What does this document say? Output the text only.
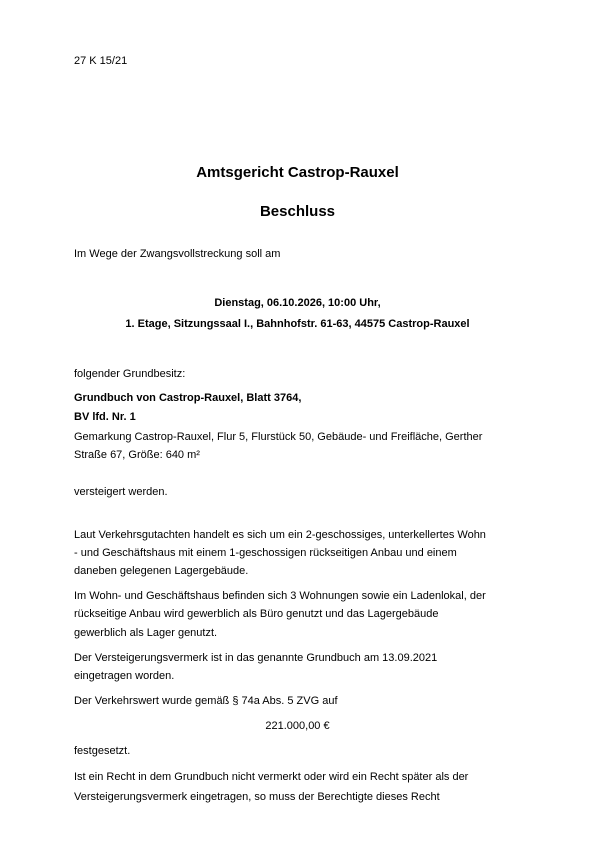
27 K 15/21
Amtsgericht Castrop-Rauxel
Beschluss
Im Wege der Zwangsvollstreckung soll am
Dienstag, 06.10.2026, 10:00 Uhr,
1. Etage, Sitzungssaal I., Bahnhofstr. 61-63, 44575 Castrop-Rauxel
folgender Grundbesitz:
Grundbuch von Castrop-Rauxel, Blatt 3764,
BV lfd. Nr. 1
Gemarkung Castrop-Rauxel, Flur 5, Flurstück 50, Gebäude- und Freifläche, Gerther
Straße 67, Größe: 640 m²
versteigert werden.
Laut Verkehrsgutachten handelt es sich um ein 2-geschossiges, unterkellertes Wohn
- und Geschäftshaus mit einem 1-geschossigen rückseitigen Anbau und einem
daneben gelegenen Lagergebäude.
Im Wohn- und Geschäftshaus befinden sich 3 Wohnungen sowie ein Ladenlokal, der
rückseitige Anbau wird gewerblich als Büro genutzt und das Lagergebäude
gewerblich als Lager genutzt.
Der Versteigerungsvermerk ist in das genannte Grundbuch am 13.09.2021
eingetragen worden.
Der Verkehrswert wurde gemäß § 74a Abs. 5 ZVG auf
221.000,00 €
festgesetzt.
Ist ein Recht in dem Grundbuch nicht vermerkt oder wird ein Recht später als der
Versteigerungsvermerk eingetragen, so muss der Berechtigte dieses Recht
